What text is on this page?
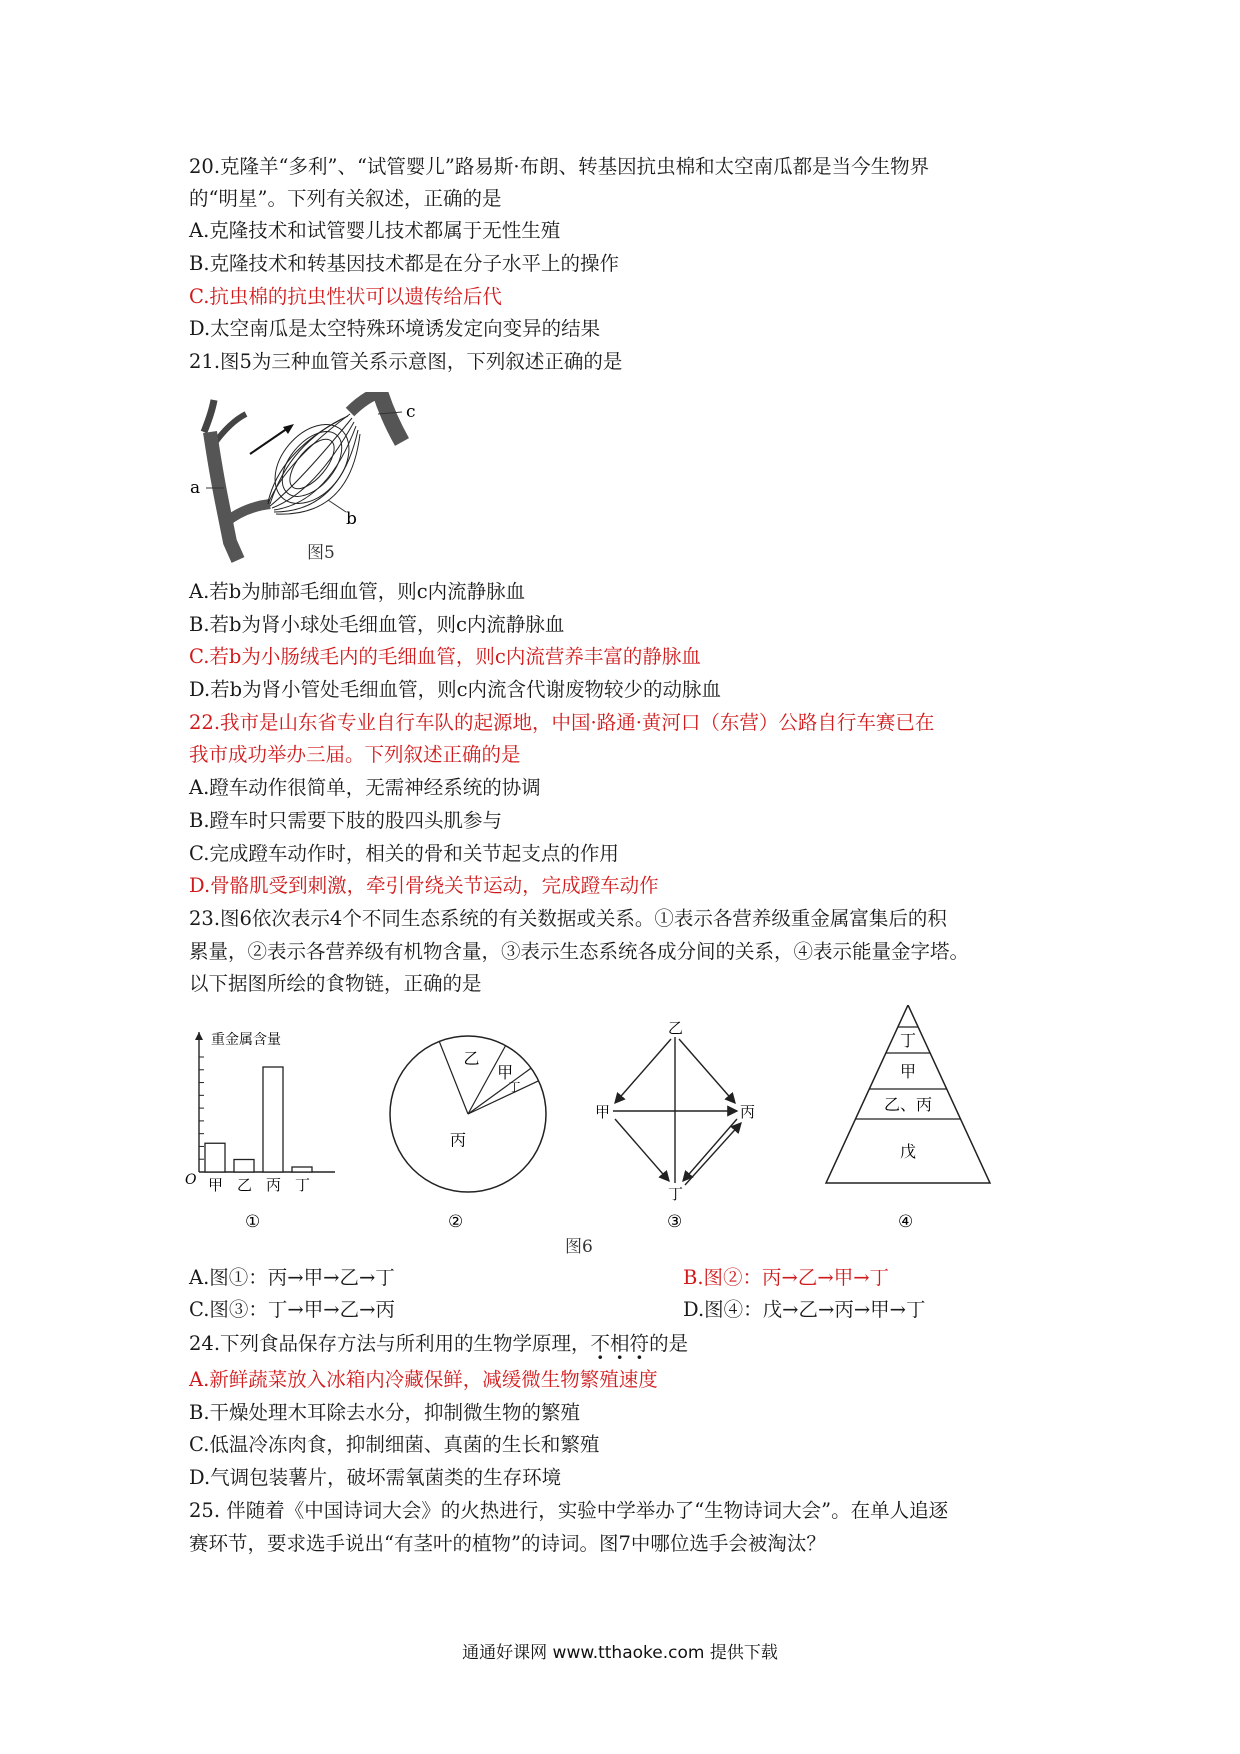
20.克隆羊“多利”、“试管婴儿”路易斯·布朗、转基因抗虫棉和太空南瓜都是当今生物界
的“明星”。下列有关叙述，正确的是
A.克隆技术和试管婴儿技术都属于无性生殖
B.克隆技术和转基因技术都是在分子水平上的操作
C.抗虫棉的抗虫性状可以遗传给后代
D.太空南瓜是太空特殊环境诱发定向变异的结果
21.图5为三种血管关系示意图，下列叙述正确的是
a
c
b
图5
A.若b为肺部毛细血管，则c内流静脉血
B.若b为肾小球处毛细血管，则c内流静脉血
C.若b为小肠绒毛内的毛细血管，则c内流营养丰富的静脉血
D.若b为肾小管处毛细血管，则c内流含代谢废物较少的动脉血
22.我市是山东省专业自行车队的起源地，中国·路通·黄河口（东营）公路自行车赛已在
我市成功举办三届。下列叙述正确的是
A.蹬车动作很简单，无需神经系统的协调
B.蹬车时只需要下肢的股四头肌参与
C.完成蹬车动作时，相关的骨和关节起支点的作用
D.骨骼肌受到刺激，牵引骨绕关节运动，完成蹬车动作
23.图6依次表示4个不同生态系统的有关数据或关系。①表示各营养级重金属富集后的积
累量，②表示各营养级有机物含量，③表示生态系统各成分间的关系，④表示能量金字塔。
以下据图所绘的食物链，正确的是
重金属含量
O
①
甲 乙 丙 丁
②
丙
乙
甲
丁
乙
甲	丙
丁
③	④
丁
甲
乙、丙
戊
图6
A.图①：丙→甲→乙→丁	B.图②：丙→乙→甲→丁
C.图③：丁→甲→乙→丙	D.图④：戊→乙→丙→甲→丁
24.下列食品保存方法与所利用的生物学原理，不相符的是
A.新鲜蔬菜放入冰箱内冷藏保鲜，减缓微生物繁殖速度
B.干燥处理木耳除去水分，抑制微生物的繁殖
C.低温冷冻肉食，抑制细菌、真菌的生长和繁殖
D.气调包装薯片，破坏需氧菌类的生存环境
25. 伴随着《中国诗词大会》的火热进行，实验中学举办了“生物诗词大会”。在单人追逐
赛环节，要求选手说出“有茎叶的植物”的诗词。图7中哪位选手会被淘汰？
通通好课网 www.tthaoke.com 提供下载
